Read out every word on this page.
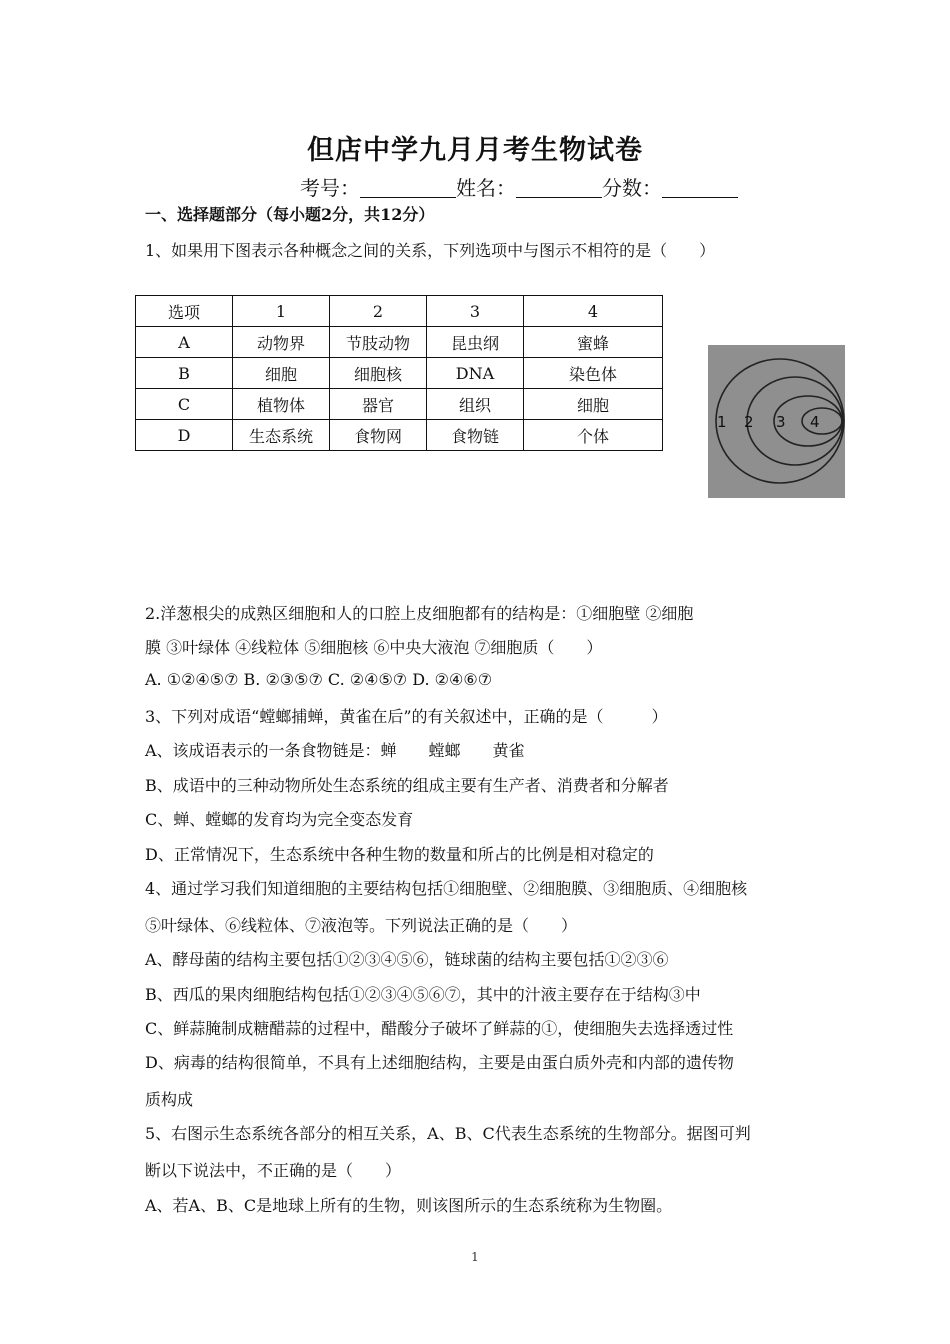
但店中学九月月考生物试卷
考号：	姓名：	分数：
一、选择题部分（每小题2分，共12分）
1、如果用下图表示各种概念之间的关系，下列选项中与图示不相符的是（　　）
选项	1	2	3	4
A	动物界	节肢动物	昆虫纲	蜜蜂
B	细胞	细胞核	DNA	染色体
C	植物体	器官	组织	细胞
D	生态系统	食物网	食物链	个体
1 2 3 4
2.洋葱根尖的成熟区细胞和人的口腔上皮细胞都有的结构是：①细胞壁 ②细胞
膜 ③叶绿体 ④线粒体 ⑤细胞核 ⑥中央大液泡 ⑦细胞质（　　）
A. ①②④⑤⑦ B. ②③⑤⑦ C. ②④⑤⑦ D. ②④⑥⑦
3、下列对成语“螳螂捕蝉，黄雀在后”的有关叙述中，正确的是（　　　）
A、该成语表示的一条食物链是：蝉　　螳螂　　黄雀
B、成语中的三种动物所处生态系统的组成主要有生产者、消费者和分解者
C、蝉、螳螂的发育均为完全变态发育
D、正常情况下，生态系统中各种生物的数量和所占的比例是相对稳定的
4、通过学习我们知道细胞的主要结构包括①细胞壁、②细胞膜、③细胞质、④细胞核
⑤叶绿体、⑥线粒体、⑦液泡等。下列说法正确的是（　　）
A、酵母菌的结构主要包括①②③④⑤⑥，链球菌的结构主要包括①②③⑥
B、西瓜的果肉细胞结构包括①②③④⑤⑥⑦，其中的汁液主要存在于结构③中
C、鲜蒜腌制成糖醋蒜的过程中，醋酸分子破坏了鲜蒜的①，使细胞失去选择透过性
D、病毒的结构很简单，不具有上述细胞结构，主要是由蛋白质外壳和内部的遗传物
质构成
5、右图示生态系统各部分的相互关系，A、B、C代表生态系统的生物部分。据图可判
断以下说法中，不正确的是（　　）
A、若A、B、C是地球上所有的生物，则该图所示的生态系统称为生物圈。
1
